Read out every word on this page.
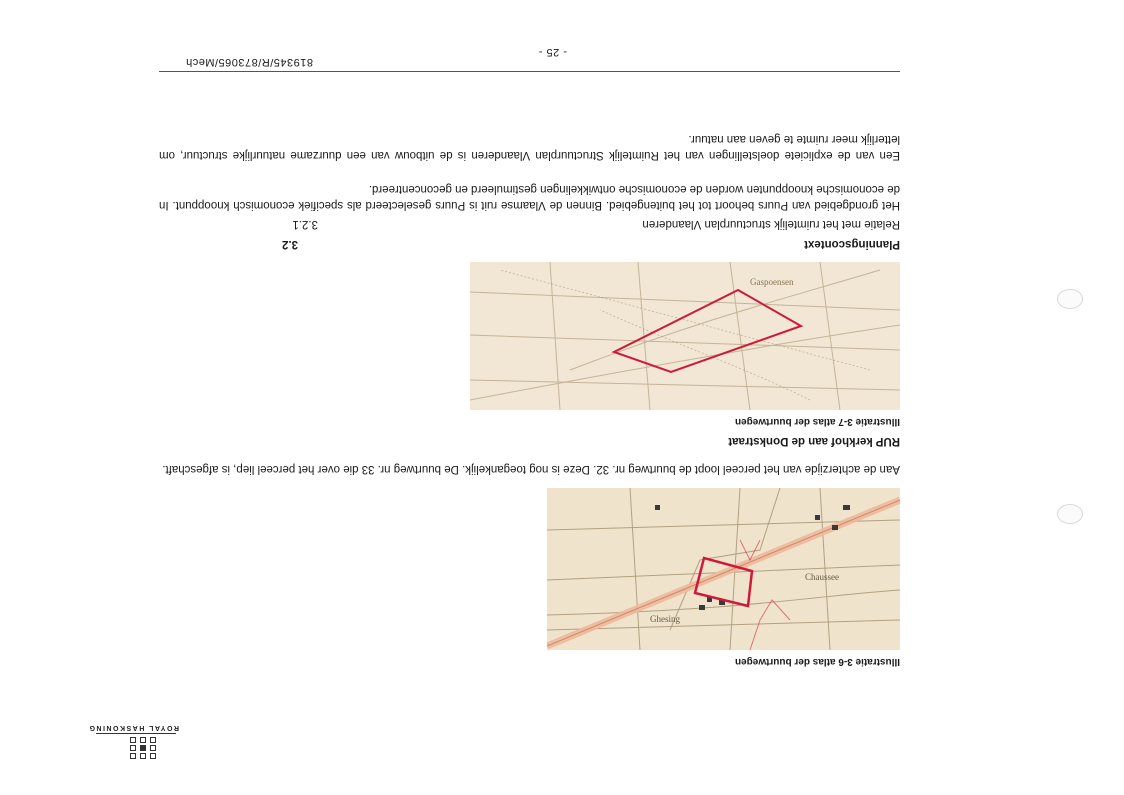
819345/R/873065/Mech
- 25 -
Een van de expliciete doelstellingen van het Ruimtelijk Structuurplan Vlaanderen is de uitbouw van een duurzame natuurlijke structuur, om letterlijk meer ruimte te geven aan natuur.
Het grondgebied van Puurs behoort tot het buitengebied. Binnen de Vlaamse ruit is Puurs geselecteerd als specifiek economisch knooppunt. In de economische knooppunten worden de economische ontwikkelingen gestimuleerd en geconcentreerd.
3.2.1	Relatie met het ruimtelijk structuurplan Vlaanderen
3.2	Planningscontext
Gaspoensen
Illustratie 3-7 atlas der buurtwegen
RUP kerkhof aan de Donkstraat
Aan de achterzijde van het perceel loopt de buurtweg nr. 32. Deze is nog toegankelijk. De buurtweg nr. 33 die over het perceel liep, is afgeschaft.
Ghesing
Chaussee
Illustratie 3-6 atlas der buurtwegen
ROYAL HASKONING
